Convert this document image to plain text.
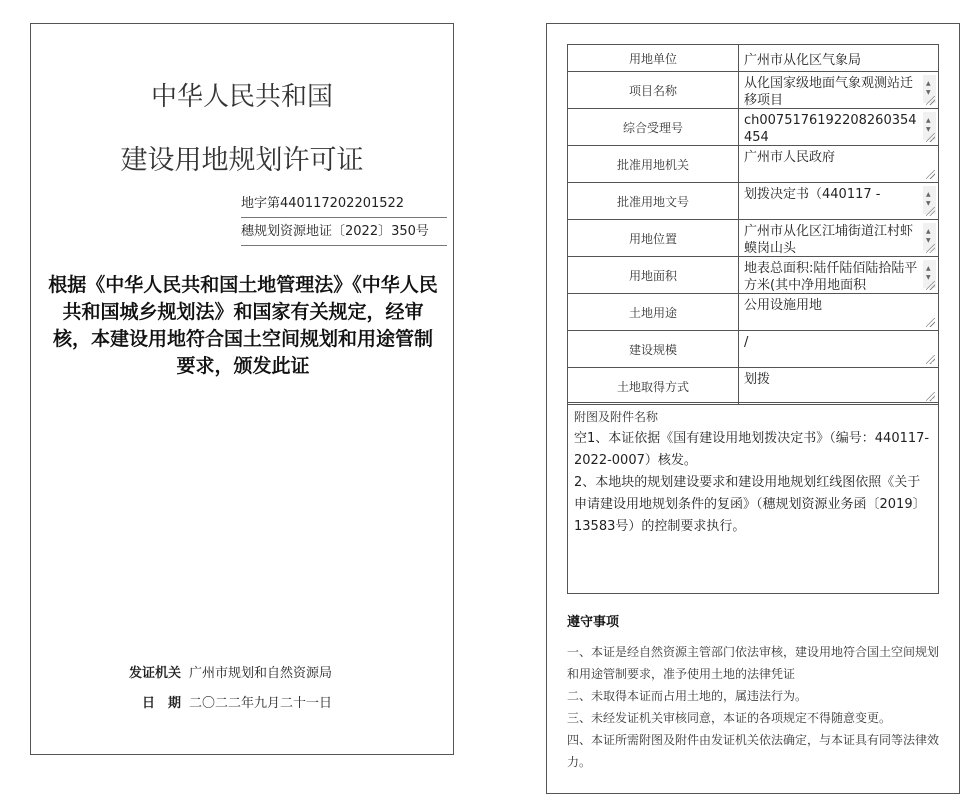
中华人民共和国
建设用地规划许可证
地字第440117202201522
穗规划资源地证〔2022〕350号
根据《中华人民共和国土地管理法》《中华人民共和国城乡规划法》和国家有关规定，经审核，本建设用地符合国土空间规划和用途管制要求，颁发此证
发证机关 广州市规划和自然资源局
日　期 二〇二二年九月二十一日
用地单位	广州市从化区气象局
项目名称	从化国家级地面气象观测站迁移项目
▲ ▼

综合受理号	ch0075176192208260354454
▲ ▼

批准用地机关	广州市人民政府

批准用地文号	划拨决定书（440117 -
▲ ▼

用地位置	广州市从化区江埔街道江村虾蟆岗山头
▲ ▼

用地面积	地表总面积:陆仟陆佰陆拾陆平方米(其中净用地面积
▲ ▼

土地用途	公用设施用地

建设规模	/

土地取得方式	划拨
附图及附件名称
空1、本证依据《国有建设用地划拨决定书》（编号：440117-2022-0007）核发。
2、本地块的规划建设要求和建设用地规划红线图依照《关于申请建设用地规划条件的复函》（穗规划资源业务函〔2019〕13583号）的控制要求执行。
遵守事项
一、本证是经自然资源主管部门依法审核，建设用地符合国土空间规划和用途管制要求，准予使用土地的法律凭证
二、未取得本证而占用土地的，属违法行为。
三、未经发证机关审核同意，本证的各项规定不得随意变更。
四、本证所需附图及附件由发证机关依法确定，与本证具有同等法律效力。
